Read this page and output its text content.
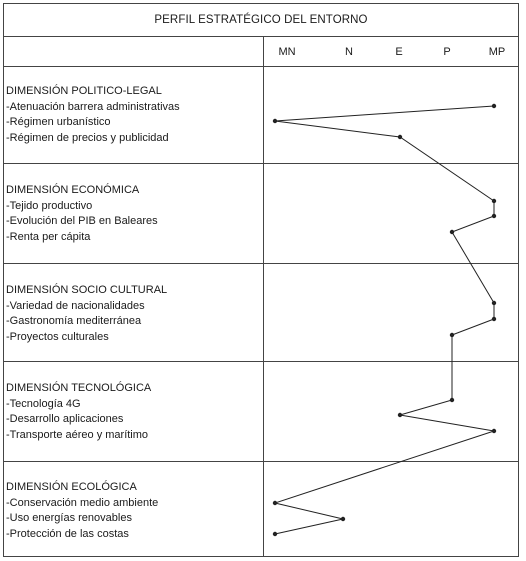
PERFIL ESTRATÉGICO DEL ENTORNO
MN	N	E	P	MP
DIMENSIÓN POLITICO-LEGAL
-Atenuación barrera administrativas
-Régimen urbanístico
-Régimen de precios y publicidad
DIMENSIÓN ECONÓMICA
-Tejido productivo
-Evolución del PIB en Baleares
-Renta per cápita
DIMENSIÓN SOCIO CULTURAL
-Variedad de nacionalidades
-Gastronomía mediterránea
-Proyectos culturales
DIMENSIÓN TECNOLÓGICA
-Tecnología 4G
-Desarrollo aplicaciones
-Transporte aéreo y marítimo
DIMENSIÓN ECOLÓGICA
-Conservación medio ambiente
-Uso energías renovables
-Protección de las costas
